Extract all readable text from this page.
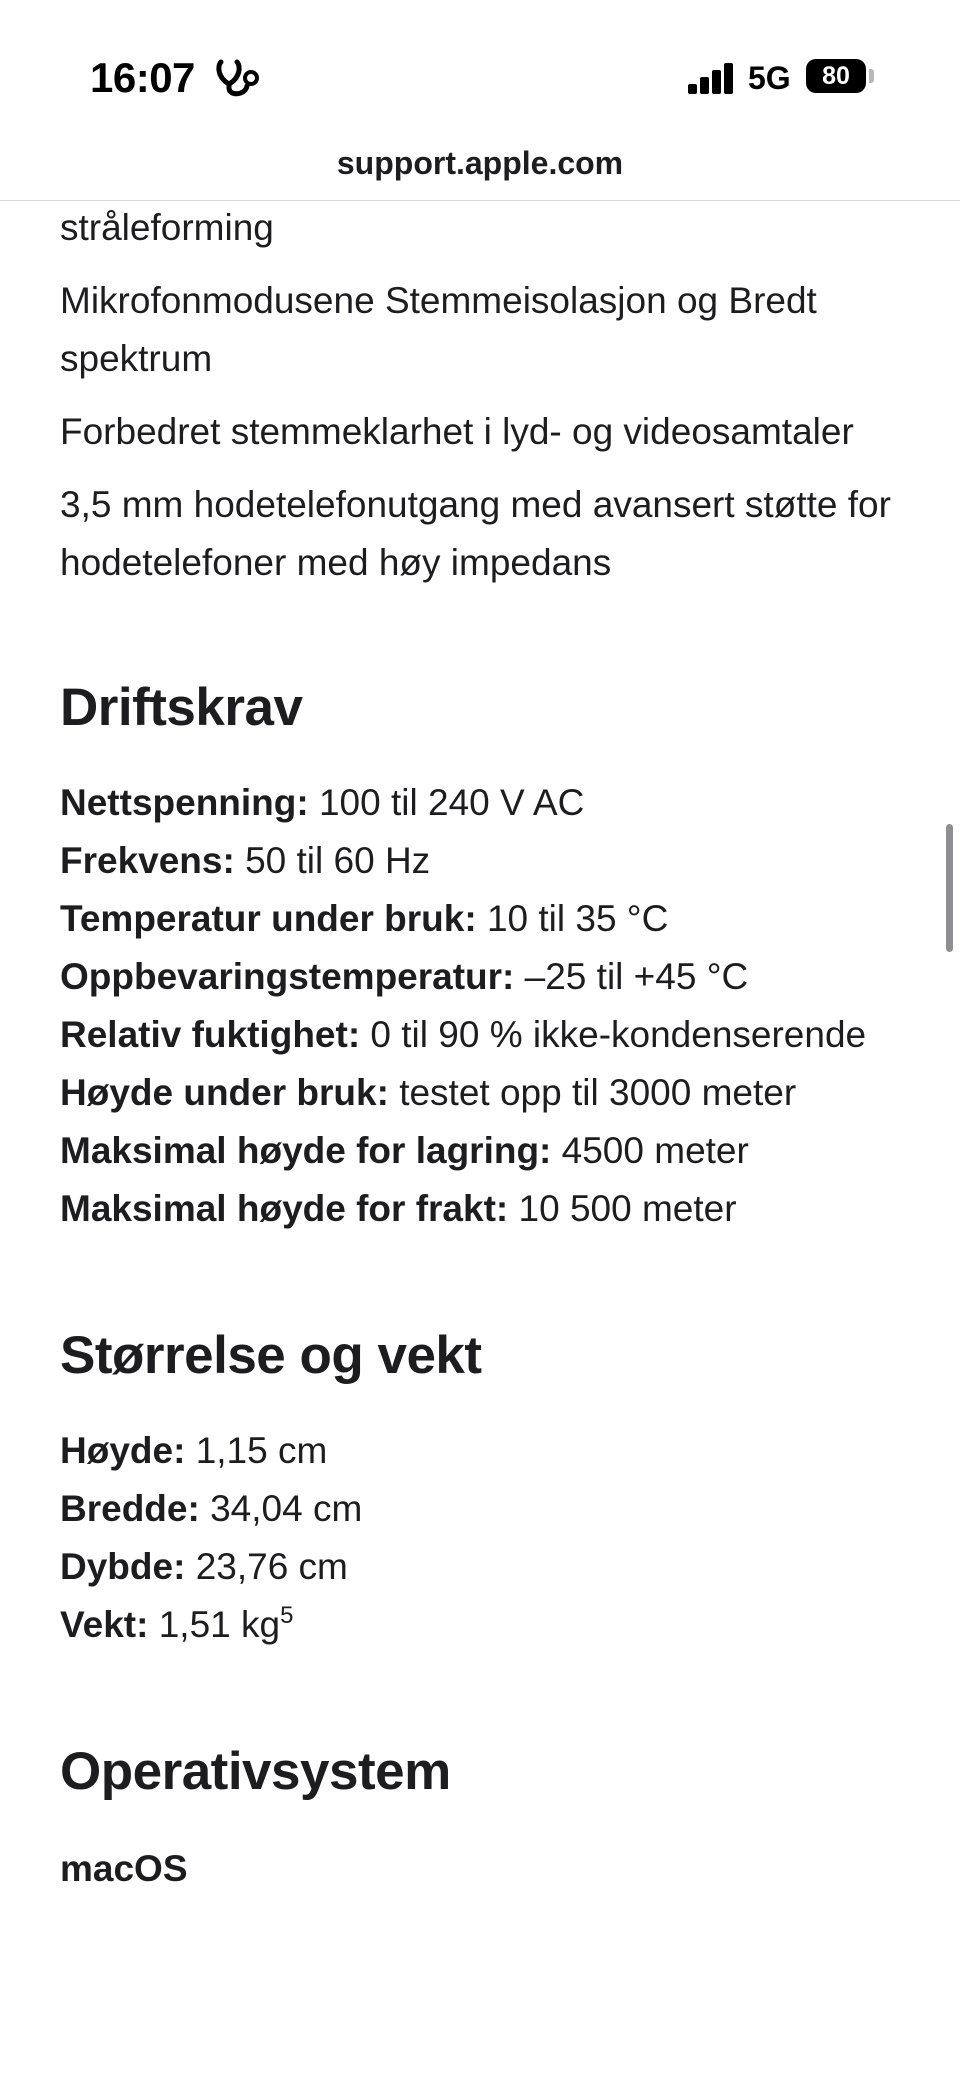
16:07	5G	80
support.apple.com

stråleforming

Mikrofonmodusene Stemmeisolasjon og Bredt spektrum

Forbedret stemmeklarhet i lyd- og videosamtaler

3,5 mm hodetelefonutgang med avansert støtte for hodetelefoner med høy impedans

Driftskrav

Nettspenning: 100 til 240 V AC

Frekvens: 50 til 60 Hz

Temperatur under bruk: 10 til 35 °C

Oppbevaringstemperatur: –25 til +45 °C

Relativ fuktighet: 0 til 90 % ikke-kondenserende

Høyde under bruk: testet opp til 3000 meter

Maksimal høyde for lagring: 4500 meter

Maksimal høyde for frakt: 10 500 meter

Størrelse og vekt

Høyde: 1,15 cm

Bredde: 34,04 cm

Dybde: 23,76 cm

Vekt: 1,51 $kg^5$

Operativsystem

macOS
